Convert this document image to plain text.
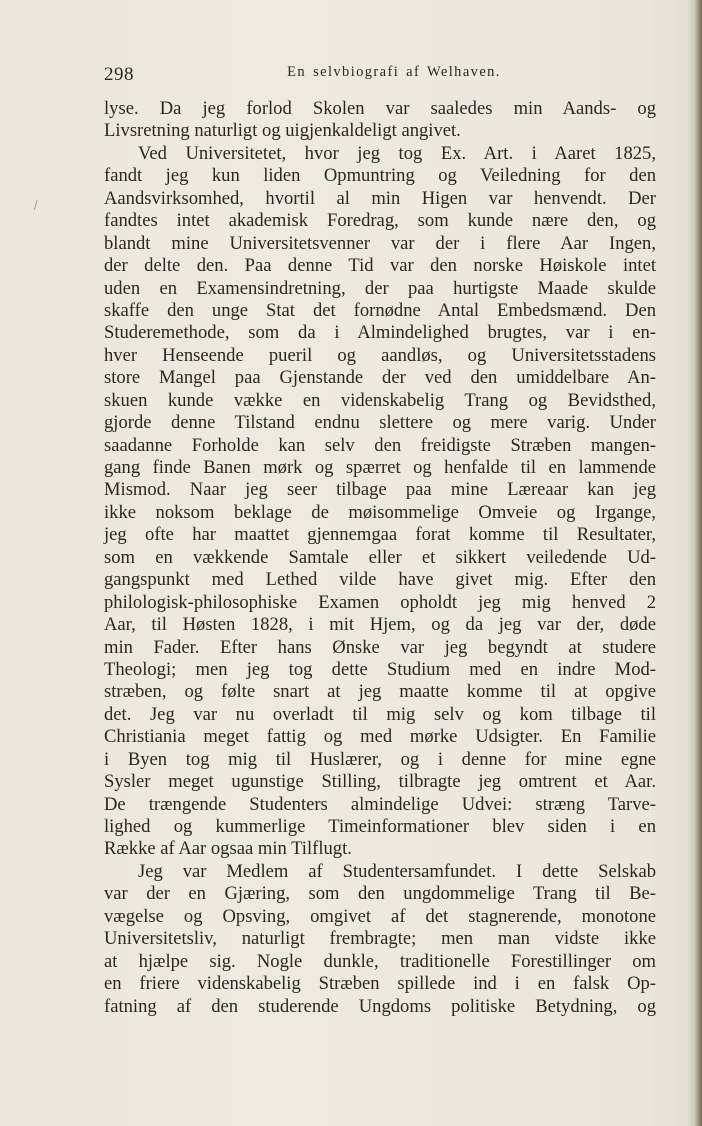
298	En selvbiografi af Welhaven.
\
lyse. Da jeg forlod Skolen var saaledes min Aands- og
Livsretning naturligt og uigjenkaldeligt angivet.
Ved Universitetet, hvor jeg tog Ex. Art. i Aaret 1825,
fandt jeg kun liden Opmuntring og Veiledning for den
Aandsvirksomhed, hvortil al min Higen var henvendt. Der
fandtes intet akademisk Foredrag, som kunde nære den, og
blandt mine Universitetsvenner var der i flere Aar Ingen,
der delte den. Paa denne Tid var den norske Høiskole intet
uden en Examensindretning, der paa hurtigste Maade skulde
skaffe den unge Stat det fornødne Antal Embedsmænd. Den
Studeremethode, som da i Almindelighed brugtes, var i en-
hver Henseende pueril og aandløs, og Universitetsstadens
store Mangel paa Gjenstande der ved den umiddelbare An-
skuen kunde vække en videnskabelig Trang og Bevidsthed,
gjorde denne Tilstand endnu slettere og mere varig. Under
saadanne Forholde kan selv den freidigste Stræben mangen-
gang finde Banen mørk og spærret og henfalde til en lammende
Mismod. Naar jeg seer tilbage paa mine Læreaar kan jeg
ikke noksom beklage de møisommelige Omveie og Irgange,
jeg ofte har maattet gjennemgaa forat komme til Resultater,
som en vækkende Samtale eller et sikkert veiledende Ud-
gangspunkt med Lethed vilde have givet mig. Efter den
philologisk-philosophiske Examen opholdt jeg mig henved 2
Aar, til Høsten 1828, i mit Hjem, og da jeg var der, døde
min Fader. Efter hans Ønske var jeg begyndt at studere
Theologi; men jeg tog dette Studium med en indre Mod-
stræben, og følte snart at jeg maatte komme til at opgive
det. Jeg var nu overladt til mig selv og kom tilbage til
Christiania meget fattig og med mørke Udsigter. En Familie
i Byen tog mig til Huslærer, og i denne for mine egne
Sysler meget ugunstige Stilling, tilbragte jeg omtrent et Aar.
De trængende Studenters almindelige Udvei: stræng Tarve-
lighed og kummerlige Timeinformationer blev siden i en
Række af Aar ogsaa min Tilflugt.
Jeg var Medlem af Studentersamfundet. I dette Selskab
var der en Gjæring, som den ungdommelige Trang til Be-
vægelse og Opsving, omgivet af det stagnerende, monotone
Universitetsliv, naturligt frembragte; men man vidste ikke
at hjælpe sig. Nogle dunkle, traditionelle Forestillinger om
en friere videnskabelig Stræben spillede ind i en falsk Op-
fatning af den studerende Ungdoms politiske Betydning, og
